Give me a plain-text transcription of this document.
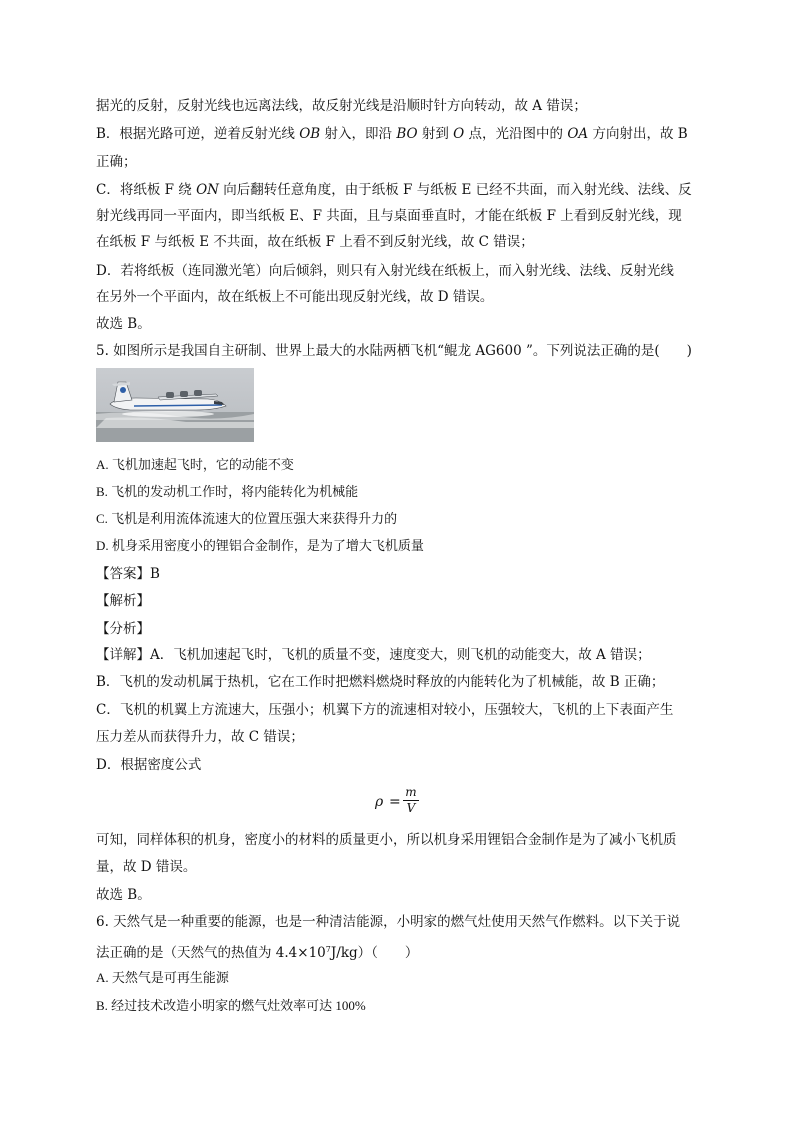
据光的反射，反射光线也远离法线，故反射光线是沿顺时针方向转动，故 A 错误；
B．根据光路可逆，逆着反射光线 OB 射入，即沿 BO 射到 O 点，光沿图中的 OA 方向射出，故 B
正确；
C．将纸板 F 绕 ON 向后翻转任意角度，由于纸板 F 与纸板 E 已经不共面，而入射光线、法线、反
射光线再同一平面内，即当纸板 E、F 共面，且与桌面垂直时，才能在纸板 F 上看到反射光线，现
在纸板 F 与纸板 E 不共面，故在纸板 F 上看不到反射光线，故 C 错误；
D．若将纸板（连同激光笔）向后倾斜，则只有入射光线在纸板上，而入射光线、法线、反射光线
在另外一个平面内，故在纸板上不可能出现反射光线，故 D 错误。
故选 B。
5. 如图所示是我国自主研制、世界上最大的水陆两栖飞机“鲲龙 AG600 ”。下列说法正确的是(　　)
A. 飞机加速起飞时，它的动能不变
B. 飞机的发动机工作时，将内能转化为机械能
C. 飞机是利用流体流速大的位置压强大来获得升力的
D. 机身采用密度小的锂铝合金制作，是为了增大飞机质量
【答案】B
【解析】
【分析】
【详解】A．飞机加速起飞时，飞机的质量不变，速度变大，则飞机的动能变大，故 A 错误；
B．飞机的发动机属于热机，它在工作时把燃料燃烧时释放的内能转化为了机械能，故 B 正确；
C．飞机的机翼上方流速大，压强小；机翼下方的流速相对较小，压强较大，飞机的上下表面产生
压力差从而获得升力，故 C 错误；
D．根据密度公式
ρ =
m
V
可知，同样体积的机身，密度小的材料的质量更小，所以机身采用锂铝合金制作是为了减小飞机质
量，故 D 错误。
故选 B。
6. 天然气是一种重要的能源，也是一种清洁能源，小明家的燃气灶使用天然气作燃料。以下关于说
法正确的是（天然气的热值为 $4.4\times 10^7J/kg$）（　　）
A. 天然气是可再生能源
B. 经过技术改造小明家的燃气灶效率可达 100%
